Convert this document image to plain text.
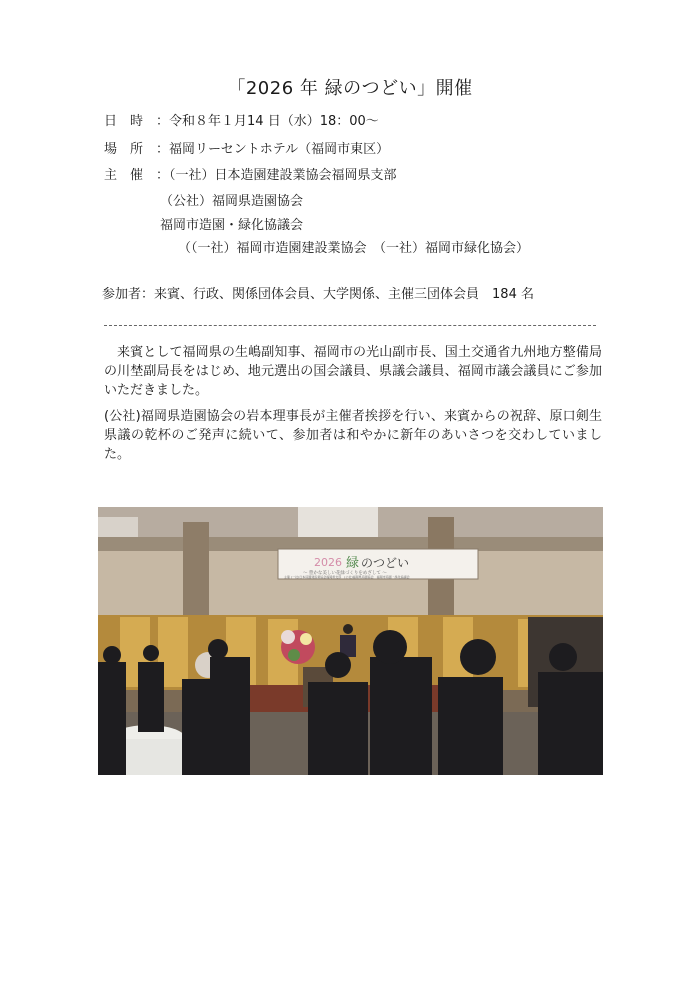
「2026 年 緑のつどい」開催
日　時 ：令和８年１月14 日（水）18：00〜
場　所 ：福岡リーセントホテル（福岡市東区）
主　催 ：（一社）日本造園建設業協会福岡県支部
（公社）福岡県造園協会
福岡市造園・緑化協議会
（（一社）福岡市造園建設業協会　（一社）福岡市緑化協会）
参加者：来賓、行政、関係団体会員、大学関係、主催三団体会員　184 名
来賓として福岡県の生嶋副知事、福岡市の光山副市長、国土交通省九州地方整備局の川埜副局長をはじめ、地元選出の国会議員、県議会議員、福岡市議会議員にご参加いただきました。
(公社)福岡県造園協会の岩本理事長が主催者挨拶を行い、来賓からの祝辞、原口剣生県議の乾杯のご発声に続いて、参加者は和やかに新年のあいさつを交わしていました。
2026 緑 のつどい
〜 豊かな美しい花緑づくりをめざして 〜
主催 (一社)日本造園建設業協会福岡県支部　(公社)福岡県造園協会　福岡市造園・緑化協議会
